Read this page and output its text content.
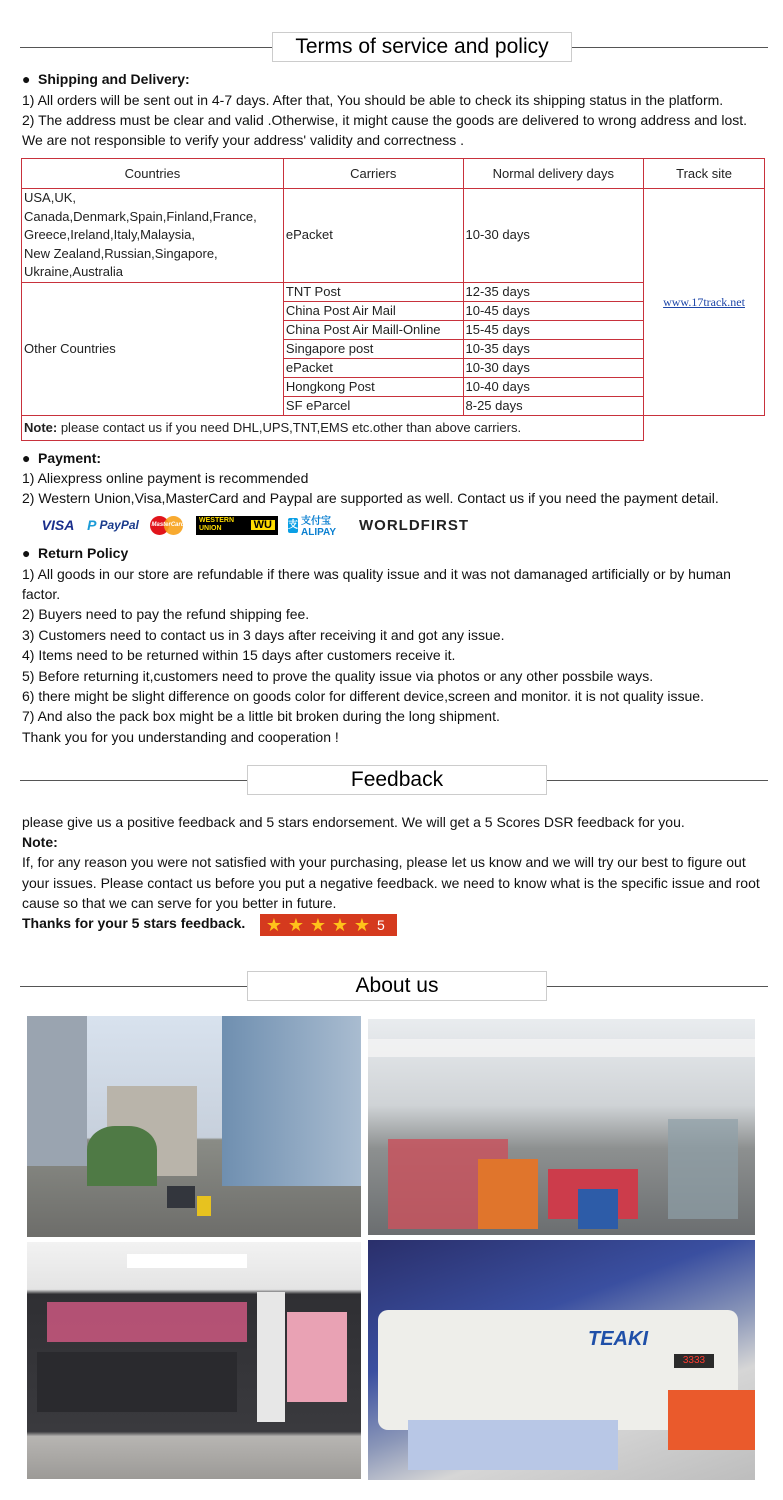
Terms of service and policy
● Shipping and Delivery:
1) All orders will be sent out in 4-7 days. After that, You should be able to check its shipping status in the platform.
2) The address must be clear and valid .Otherwise, it might cause the goods are delivered to wrong address and lost.
We are not responsible to verify your address' validity and correctness .
Countries	Carriers	Normal delivery days	Track site

USA,UK,
Canada,Denmark,Spain,Finland,France,
Greece,Ireland,Italy,Malaysia,
New Zealand,Russian,Singapore,
Ukraine,Australia	ePacket	10-30 days	www.17track.net
Other Countries	TNT Post	12-35 days	
	China Post Air Mail	10-45 days	
	China Post Air Maill-Online	15-45 days	
	Singapore post	10-35 days	
	ePacket	10-30 days	
	Hongkong Post	10-40 days	
	SF eParcel	8-25 days	
Note: please contact us if you need DHL,UPS,TNT,EMS etc.other than above carriers.			
● Payment:
1) Aliexpress online payment is recommended
2) Western Union,Visa,MasterCard and Paypal are supported as well. Contact us if you need the payment detail.
VISA P PayPal MasterCard
WESTERN UNION	WU	支 支付宝 ALIPAY	WORLDFIRST
● Return Policy
1) All goods in our store are refundable if there was quality issue and it was not damanaged artificially or by human
factor.
2) Buyers need to pay the refund shipping fee.
3) Customers need to contact us in 3 days after receiving it and got any issue.
4) Items need to be returned within 15 days after customers receive it.
5) Before returning it,customers need to prove the quality issue via photos or any other possbile ways.
6) there might be slight difference on goods color for different device,screen and monitor. it is not quality issue.
7) And also the pack box might be a little bit broken during the long shipment.
Thank you for you understanding and cooperation !
Feedback
please give us a positive feedback and 5 stars endorsement. We will get a 5 Scores DSR feedback for you.
Note:
If, for any reason you were not satisfied with your purchasing, please let us know and we will try our best to figure out
your issues. Please contact us before you put a negative feedback. we need to know what is the specific issue and root
cause so that we can serve for you better in future.
Thanks for your 5 stars feedback. ★ ★ ★ ★ ★ 5
About us
TEAKI
3333
